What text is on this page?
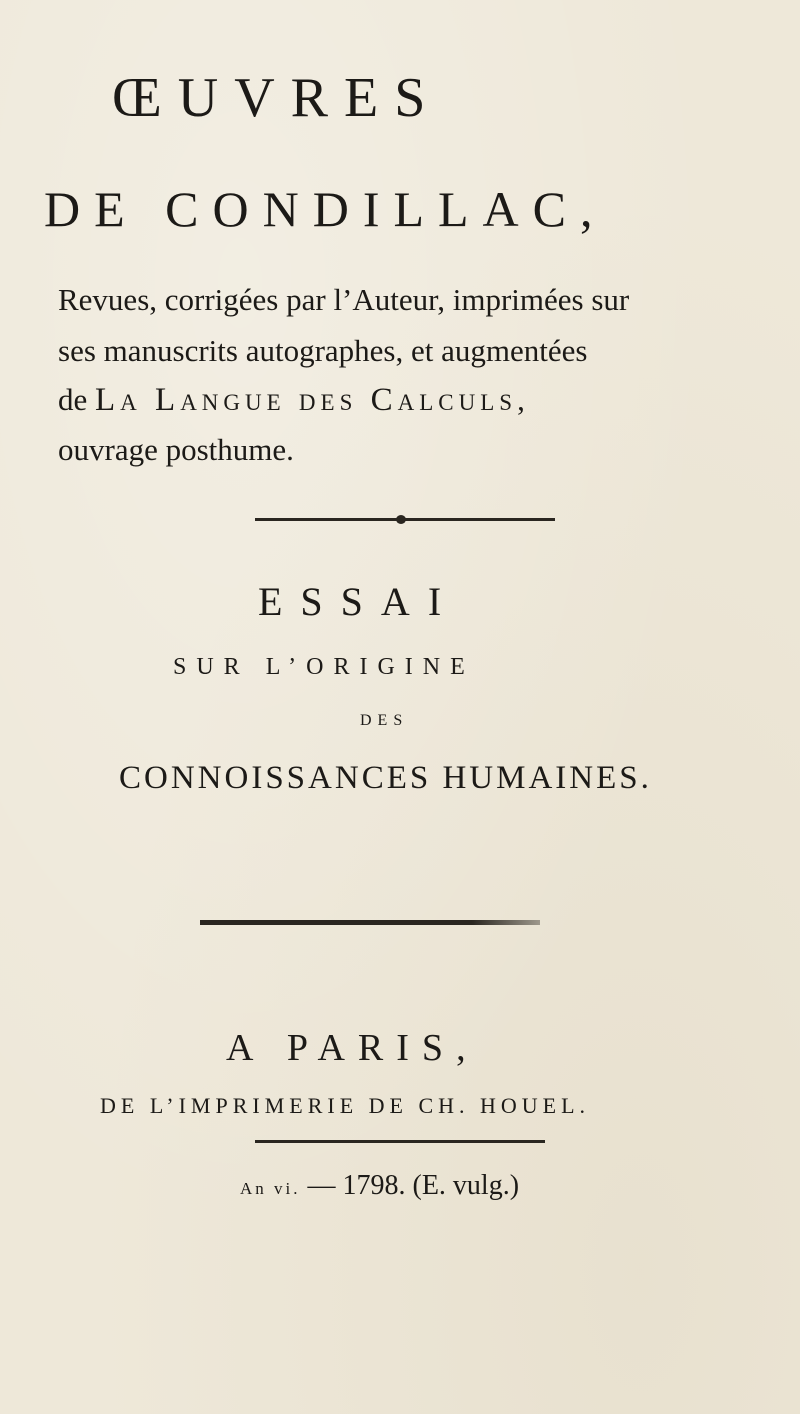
ŒUVRES
DE CONDILLAC,
Revues, corrigées par l’Auteur, imprimées sur
ses manuscrits autographes, et augmentées
de La Langue des Calculs,
ouvrage posthume.
ESSAI
SUR L’ORIGINE
DES
CONNOISSANCES HUMAINES.
A PARIS,
DE L’IMPRIMERIE DE CH. HOUEL.
An vi. — 1798. (E. vulg.)
